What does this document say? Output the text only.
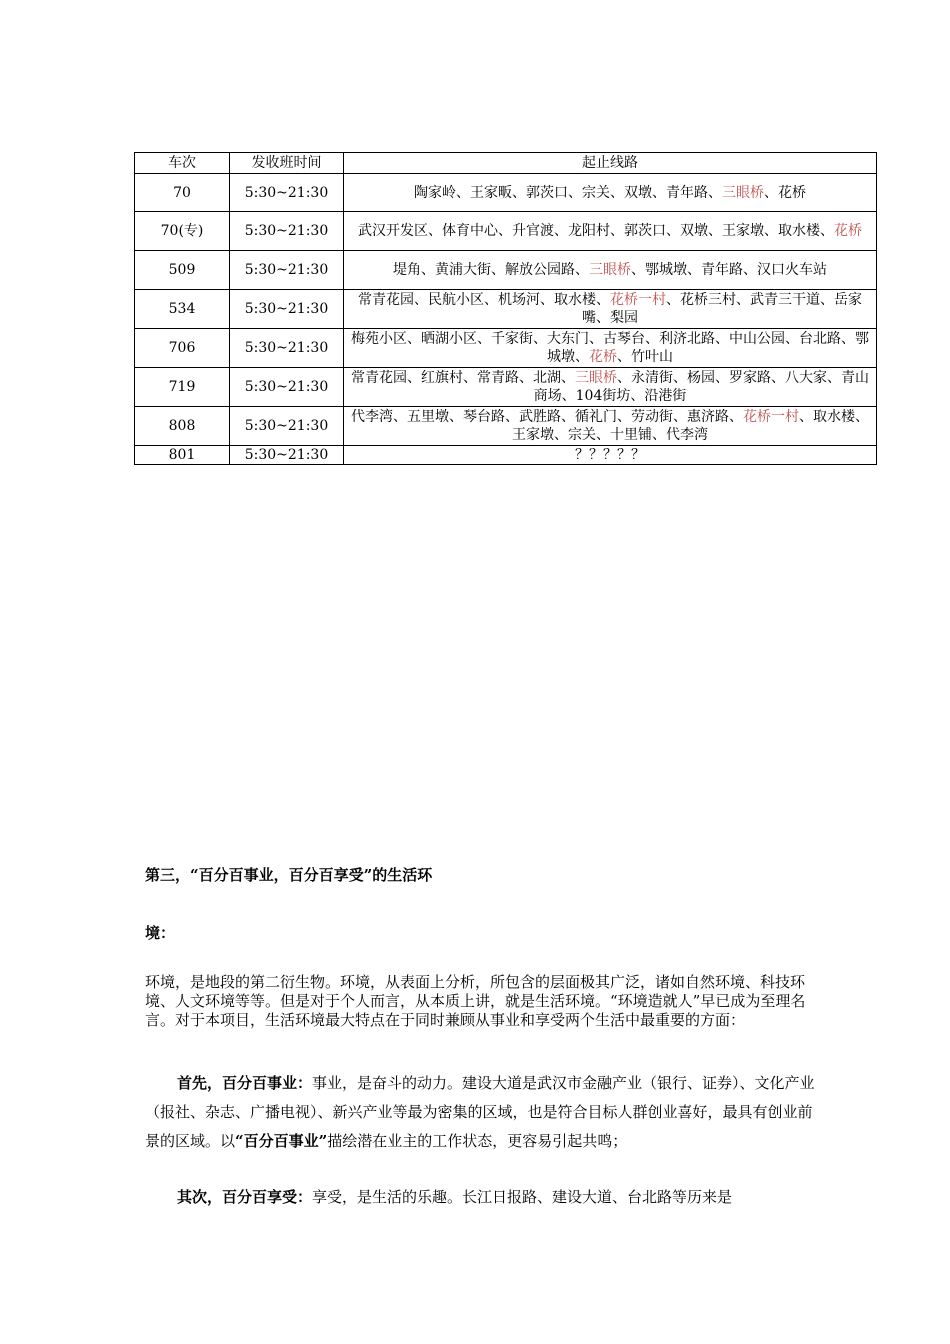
车次	发收班时间	起止线路
70	5:30~21:30	陶家岭、王家畈、郭茨口、宗关、双墩、青年路、三眼桥、花桥
70(专)	5:30~21:30	武汉开发区、体育中心、升官渡、龙阳村、郭茨口、双墩、王家墩、取水楼、花桥
509	5:30~21:30	堤角、黄浦大街、解放公园路、三眼桥、鄂城墩、青年路、汉口火车站
534	5:30~21:30	常青花园、民航小区、机场河、取水楼、花桥一村、花桥三村、武青三干道、岳家嘴、梨园
706	5:30~21:30	梅苑小区、晒湖小区、千家街、大东门、古琴台、利济北路、中山公园、台北路、鄂城墩、花桥、竹叶山
719	5:30~21:30	常青花园、红旗村、常青路、北湖、三眼桥、永清街、杨园、罗家路、八大家、青山商场、104街坊、沿港街
808	5:30~21:30	代李湾、五里墩、琴台路、武胜路、循礼门、劳动街、惠济路、花桥一村、取水楼、王家墩、宗关、十里铺、代李湾
801	5:30~21:30	？？？？？
第三，“百分百事业，百分百享受”的生活环
境：
环境，是地段的第二衍生物。环境，从表面上分析，所包含的层面极其广泛，诸如自然环境、科技环境、人文环境等等。但是对于个人而言，从本质上讲，就是生活环境。“环境造就人”早已成为至理名言。对于本项目，生活环境最大特点在于同时兼顾从事业和享受两个生活中最重要的方面：
首先，百分百事业：事业，是奋斗的动力。建设大道是武汉市金融产业（银行、证券）、文化产业（报社、杂志、广播电视）、新兴产业等最为密集的区域，也是符合目标人群创业喜好，最具有创业前景的区域。以“百分百事业”描绘潜在业主的工作状态，更容易引起共鸣；
其次，百分百享受：享受，是生活的乐趣。长江日报路、建设大道、台北路等历来是
